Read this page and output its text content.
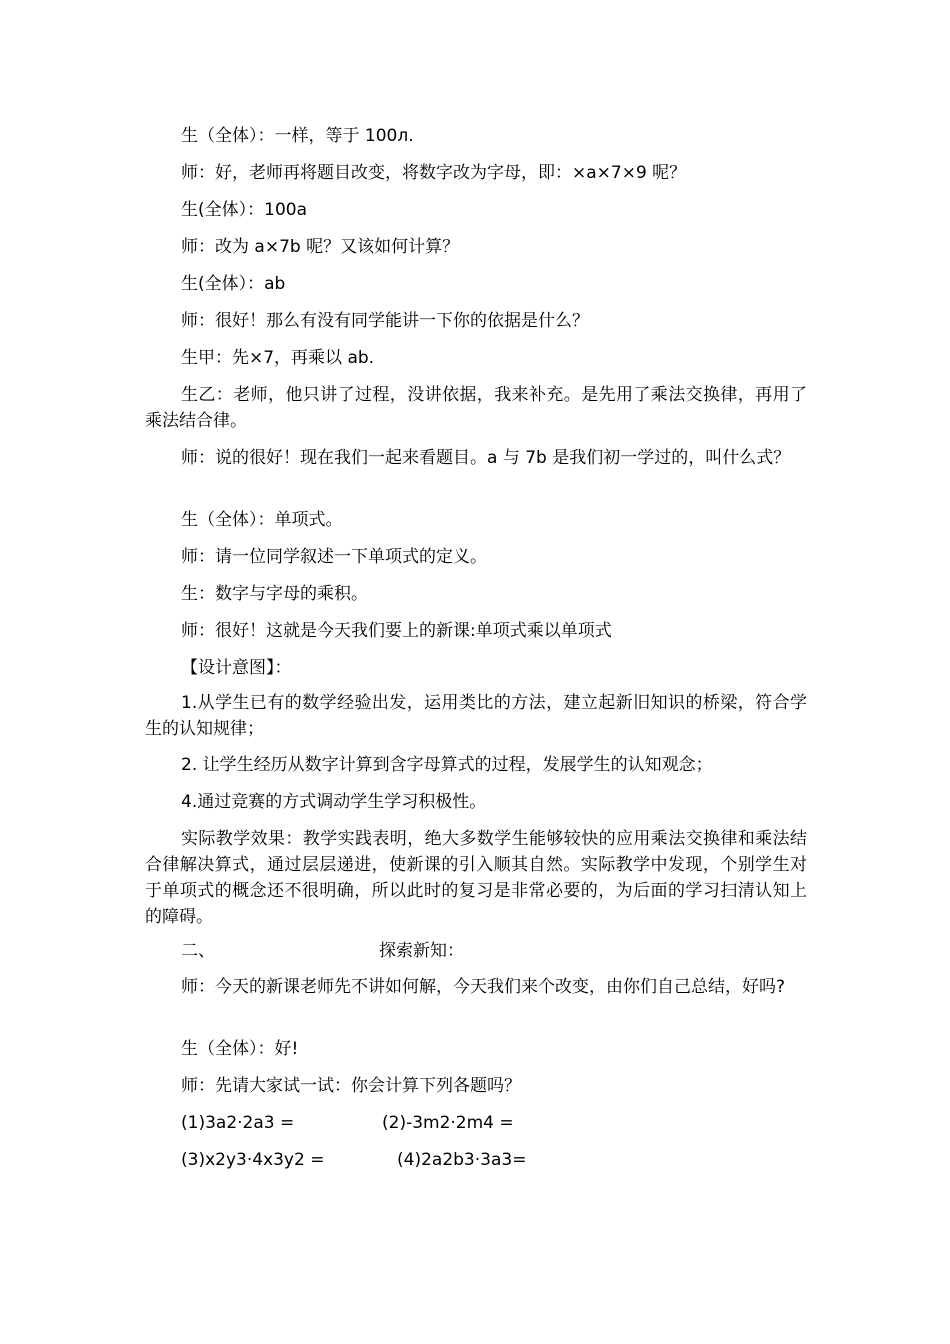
生（全体）：一样，等于 100л.

师：好，老师再将题目改变，将数字改为字母，即：×a×7×9 呢？

生(全体）：100a

师：改为 a×7b 呢？又该如何计算？

生(全体）：ab

师：很好！那么有没有同学能讲一下你的依据是什么？

生甲：先×7，再乘以 ab.

生乙：老师，他只讲了过程，没讲依据，我来补充。是先用了乘法交换律，再用了乘法结合律。

师：说的很好！现在我们一起来看题目。a 与 7b 是我们初一学过的，叫什么式？

生（全体）：单项式。

师：请一位同学叙述一下单项式的定义。

生：数字与字母的乘积。

师：很好！这就是今天我们要上的新课:单项式乘以单项式

【设计意图】：

1.从学生已有的数学经验出发，运用类比的方法，建立起新旧知识的桥梁，符合学生的认知规律；

2. 让学生经历从数字计算到含字母算式的过程，发展学生的认知观念；

4.通过竞赛的方式调动学生学习积极性。

实际教学效果：教学实践表明，绝大多数学生能够较快的应用乘法交换律和乘法结合律解决算式，通过层层递进，使新课的引入顺其自然。实际教学中发现，个别学生对于单项式的概念还不很明确，所以此时的复习是非常必要的，为后面的学习扫清认知上的障碍。

二、	探索新知：

师：今天的新课老师先不讲如何解，今天我们来个改变，由你们自己总结，好吗?

生（全体）：好!

师：先请大家试一试：你会计算下列各题吗？

(1)3a2·2a3 =	(2)-3m2·2m4 =
(3)x2y3·4x3y2 =	(4)2a2b3·3a3=
